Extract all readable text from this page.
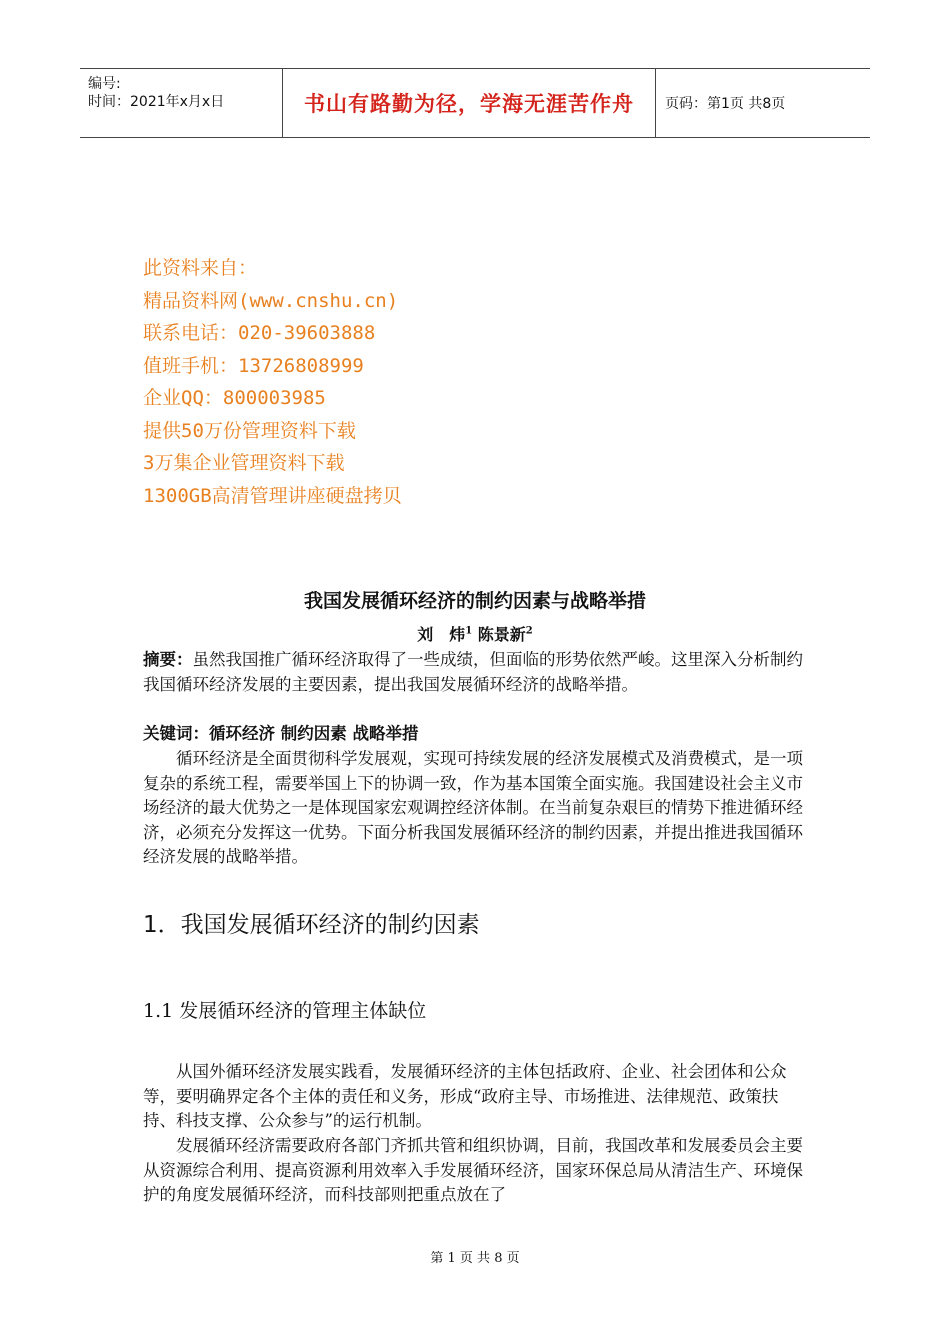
编号:
时间：2021年x月x日	书山有路勤为径，学海无涯苦作舟 页码：第1页 共8页
此资料来自：
精品资料网(www.cnshu.cn)
联系电话：020-39603888
值班手机：13726808999
企业QQ：800003985
提供50万份管理资料下载
3万集企业管理资料下载
1300GB高清管理讲座硬盘拷贝
我国发展循环经济的制约因素与战略举措
刘　炜$^1$ 陈景新$^2$
摘要：虽然我国推广循环经济取得了一些成绩，但面临的形势依然严峻。这里深入分析制约我国循环经济发展的主要因素，提出我国发展循环经济的战略举措。
关键词：循环经济 制约因素 战略举措
循环经济是全面贯彻科学发展观，实现可持续发展的经济发展模式及消费模式，是一项复杂的系统工程，需要举国上下的协调一致，作为基本国策全面实施。我国建设社会主义市场经济的最大优势之一是体现国家宏观调控经济体制。在当前复杂艰巨的情势下推进循环经济，必须充分发挥这一优势。下面分析我国发展循环经济的制约因素，并提出推进我国循环经济发展的战略举措。
1．我国发展循环经济的制约因素
1.1 发展循环经济的管理主体缺位
从国外循环经济发展实践看，发展循环经济的主体包括政府、企业、社会团体和公众等，要明确界定各个主体的责任和义务，形成“政府主导、市场推进、法律规范、政策扶持、科技支撑、公众参与”的运行机制。
发展循环经济需要政府各部门齐抓共管和组织协调，目前，我国改革和发展委员会主要从资源综合利用、提高资源利用效率入手发展循环经济，国家环保总局从清洁生产、环境保护的角度发展循环经济，而科技部则把重点放在了
第 1 页 共 8 页
